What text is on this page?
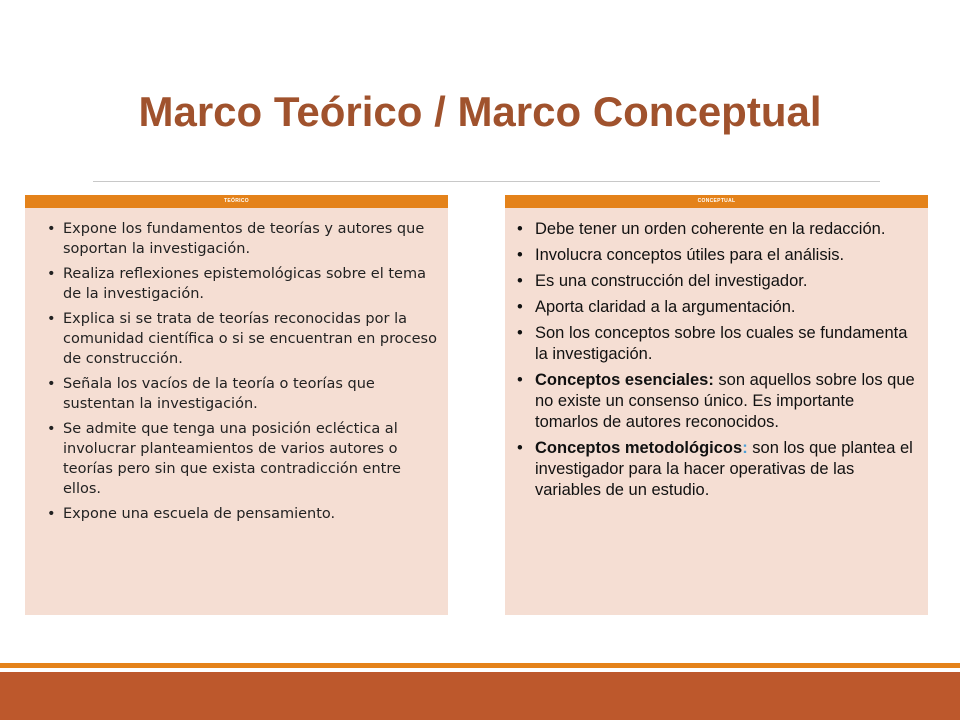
Marco Teórico / Marco Conceptual
TEÓRICO
• Expone los fundamentos de teorías y autores que soportan la investigación.
• Realiza reflexiones epistemológicas sobre el tema de la investigación.
• Explica si se trata de teorías reconocidas por la comunidad científica o si se encuentran en proceso de construcción.
• Señala los vacíos de la teoría o teorías que sustentan la investigación.
• Se admite que tenga una posición ecléctica al involucrar planteamientos de varios autores o teorías pero sin que exista contradicción entre ellos.
• Expone una escuela de pensamiento.
CONCEPTUAL
• Debe tener un orden coherente en la redacción.
• Involucra conceptos útiles para el análisis.
• Es una construcción del investigador.
• Aporta claridad a la argumentación.
• Son los conceptos sobre los cuales se fundamenta la investigación.
• Conceptos esenciales: son aquellos sobre los que no existe un consenso único. Es importante tomarlos de autores reconocidos.
• Conceptos metodológicos: son los que plantea el investigador para la hacer operativas de las variables de un estudio.
